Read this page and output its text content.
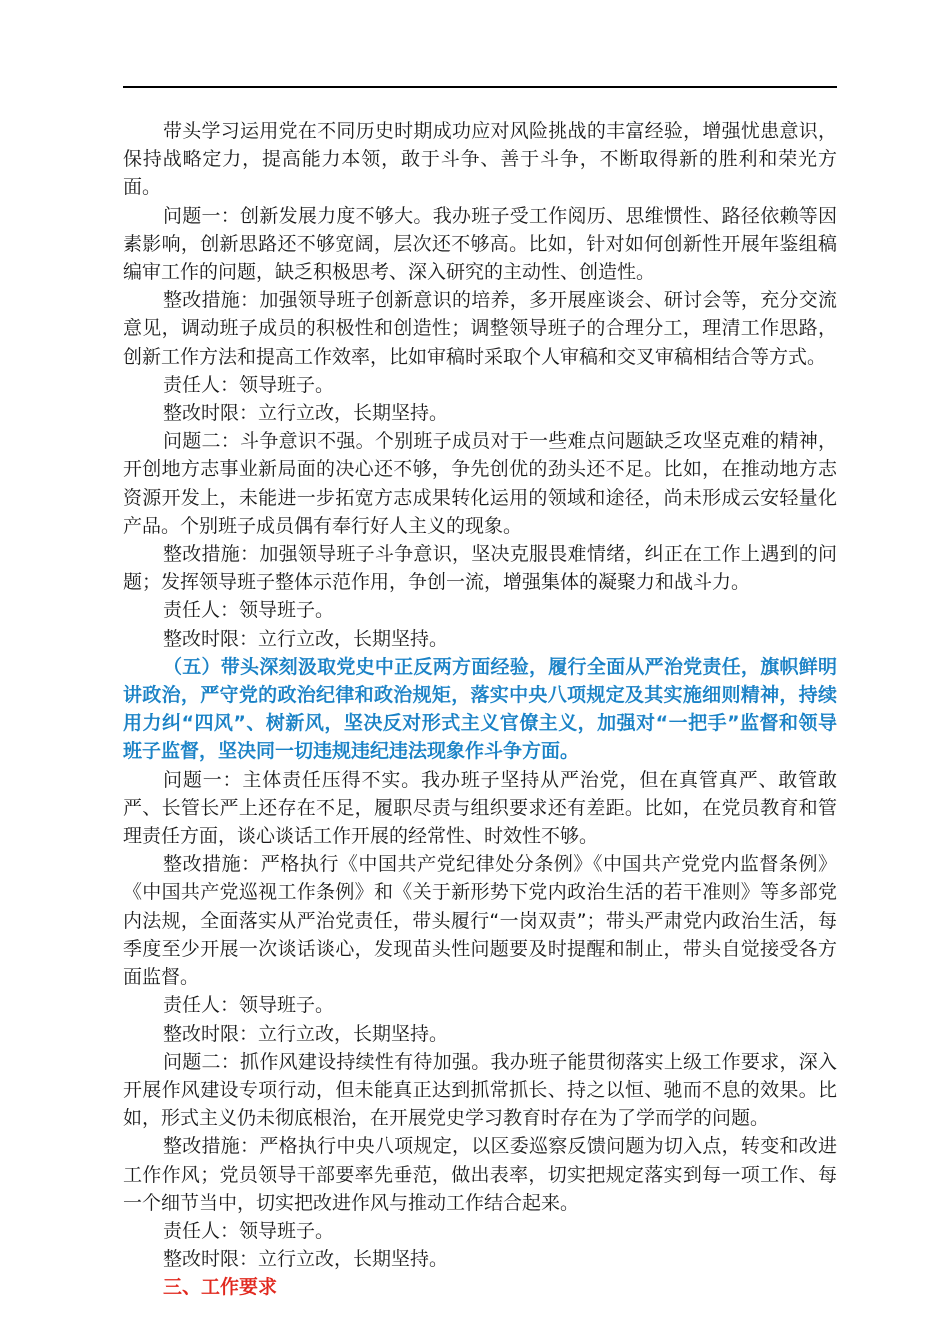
带头学习运用党在不同历史时期成功应对风险挑战的丰富经验，增强忧患意识，保持战略定力，提高能力本领，敢于斗争、善于斗争，不断取得新的胜利和荣光方面。

问题一：创新发展力度不够大。我办班子受工作阅历、思维惯性、路径依赖等因素影响，创新思路还不够宽阔，层次还不够高。比如，针对如何创新性开展年鉴组稿编审工作的问题，缺乏积极思考、深入研究的主动性、创造性。

整改措施：加强领导班子创新意识的培养，多开展座谈会、研讨会等，充分交流意见，调动班子成员的积极性和创造性；调整领导班子的合理分工，理清工作思路，创新工作方法和提高工作效率，比如审稿时采取个人审稿和交叉审稿相结合等方式。

责任人：领导班子。

整改时限：立行立改，长期坚持。

问题二：斗争意识不强。个别班子成员对于一些难点问题缺乏攻坚克难的精神，开创地方志事业新局面的决心还不够，争先创优的劲头还不足。比如，在推动地方志资源开发上，未能进一步拓宽方志成果转化运用的领域和途径，尚未形成云安轻量化产品。个别班子成员偶有奉行好人主义的现象。

整改措施：加强领导班子斗争意识，坚决克服畏难情绪，纠正在工作上遇到的问题；发挥领导班子整体示范作用，争创一流，增强集体的凝聚力和战斗力。

责任人：领导班子。

整改时限：立行立改，长期坚持。

（五）带头深刻汲取党史中正反两方面经验，履行全面从严治党责任，旗帜鲜明讲政治，严守党的政治纪律和政治规矩，落实中央八项规定及其实施细则精神，持续用力纠“四风”、树新风，坚决反对形式主义官僚主义，加强对“一把手”监督和领导班子监督，坚决同一切违规违纪违法现象作斗争方面。

问题一：主体责任压得不实。我办班子坚持从严治党，但在真管真严、敢管敢严、长管长严上还存在不足，履职尽责与组织要求还有差距。比如，在党员教育和管理责任方面，谈心谈话工作开展的经常性、时效性不够。

整改措施：严格执行《中国共产党纪律处分条例》《中国共产党党内监督条例》《中国共产党巡视工作条例》和《关于新形势下党内政治生活的若干准则》等多部党内法规，全面落实从严治党责任，带头履行“一岗双责”；带头严肃党内政治生活，每季度至少开展一次谈话谈心，发现苗头性问题要及时提醒和制止，带头自觉接受各方面监督。

责任人：领导班子。

整改时限：立行立改，长期坚持。

问题二：抓作风建设持续性有待加强。我办班子能贯彻落实上级工作要求，深入开展作风建设专项行动，但未能真正达到抓常抓长、持之以恒、驰而不息的效果。比如，形式主义仍未彻底根治，在开展党史学习教育时存在为了学而学的问题。

整改措施：严格执行中央八项规定，以区委巡察反馈问题为切入点，转变和改进工作作风；党员领导干部要率先垂范，做出表率，切实把规定落实到每一项工作、每一个细节当中，切实把改进作风与推动工作结合起来。

责任人：领导班子。

整改时限：立行立改，长期坚持。

三、工作要求
